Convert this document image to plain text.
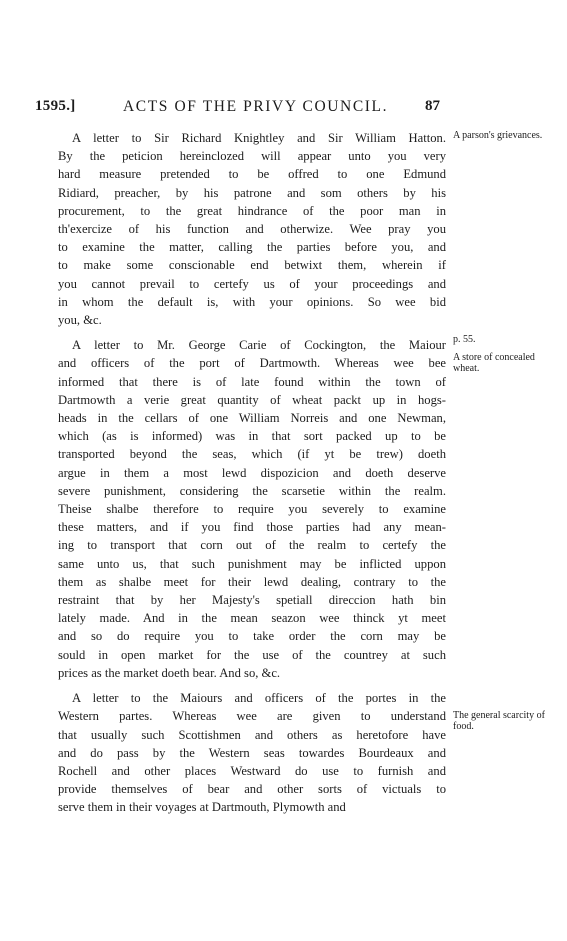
1595.]	ACTS OF THE PRIVY COUNCIL. 87
A letter to Sir Richard Knightley and Sir William Hatton.
By the peticion hereinclozed will appear unto you very
hard measure pretended to be offred to one Edmund
Ridiard, preacher, by his patrone and som others by his
procurement, to the great hindrance of the poor man in
th'exercize of his function and otherwize. Wee pray you
to examine the matter, calling the parties before you, and
to make some conscionable end betwixt them, wherein if
you cannot prevail to certefy us of your proceedings and
in whom the default is, with your opinions. So wee bid
you, &c.
A letter to Mr. George Carie of Cockington, the Maiour
and officers of the port of Dartmowth. Whereas wee bee
informed that there is of late found within the town of
Dartmowth a verie great quantity of wheat packt up in hogs-
heads in the cellars of one William Norreis and one Newman,
which (as is informed) was in that sort packed up to be
transported beyond the seas, which (if yt be trew) doeth
argue in them a most lewd dispozicion and doeth deserve
severe punishment, considering the scarsetie within the realm.
Theise shalbe therefore to require you severely to examine
these matters, and if you find those parties had any mean-
ing to transport that corn out of the realm to certefy the
same unto us, that such punishment may be inflicted uppon
them as shalbe meet for their lewd dealing, contrary to the
restraint that by her Majesty's spetiall direccion hath bin
lately made. And in the mean seazon wee thinck yt meet
and so do require you to take order the corn may be
sould in open market for the use of the countrey at such
prices as the market doeth bear. And so, &c.
A letter to the Maiours and officers of the portes in the
Western partes. Whereas wee are given to understand
that usually such Scottishmen and others as heretofore have
and do pass by the Western seas towardes Bourdeaux and
Rochell and other places Westward do use to furnish and
provide themselves of bear and other sorts of victuals to
serve them in their voyages at Dartmouth, Plymowth and
A parson's grievances.
p. 55.
A store of concealed wheat.
The general scarcity of food.
